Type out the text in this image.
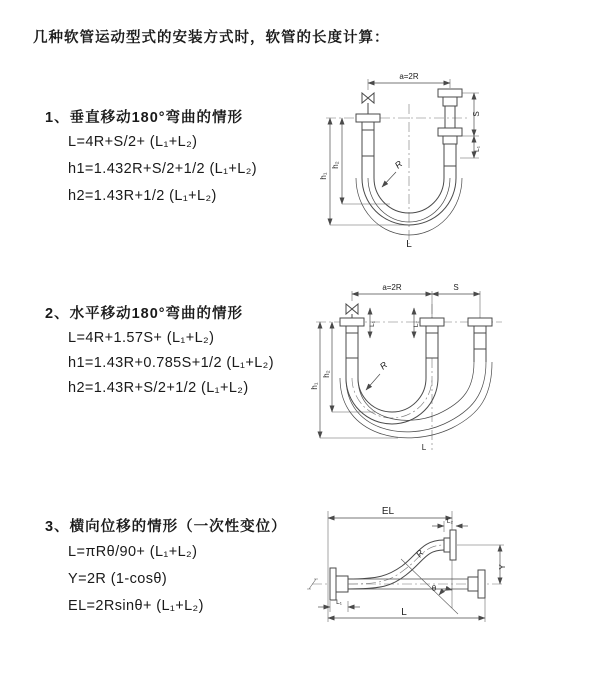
几种软管运动型式的安装方式时，软管的长度计算：
1、垂直移动180°弯曲的情形
L=4R+S/2+ (L₁+L₂)
h1=1.432R+S/2+1/2 (L₁+L₂)
h2=1.43R+1/2 (L₁+L₂)
2、水平移动180°弯曲的情形
L=4R+1.57S+ (L₁+L₂)
h1=1.43R+0.785S+1/2 (L₁+L₂)
h2=1.43R+S/2+1/2 (L₁+L₂)
3、横向位移的情形（一次性变位）
L=πRθ/90+ (L₁+L₂)
Y=2R (1-cosθ)
EL=2Rsinθ+ (L₁+L₂)
a=2R
R
h₁
h₂
S
L₁
L
a=2R	S
L₁	L₂
R
h₁
h₂
L
EL
L₂
θ
R
Y
L₁
L
